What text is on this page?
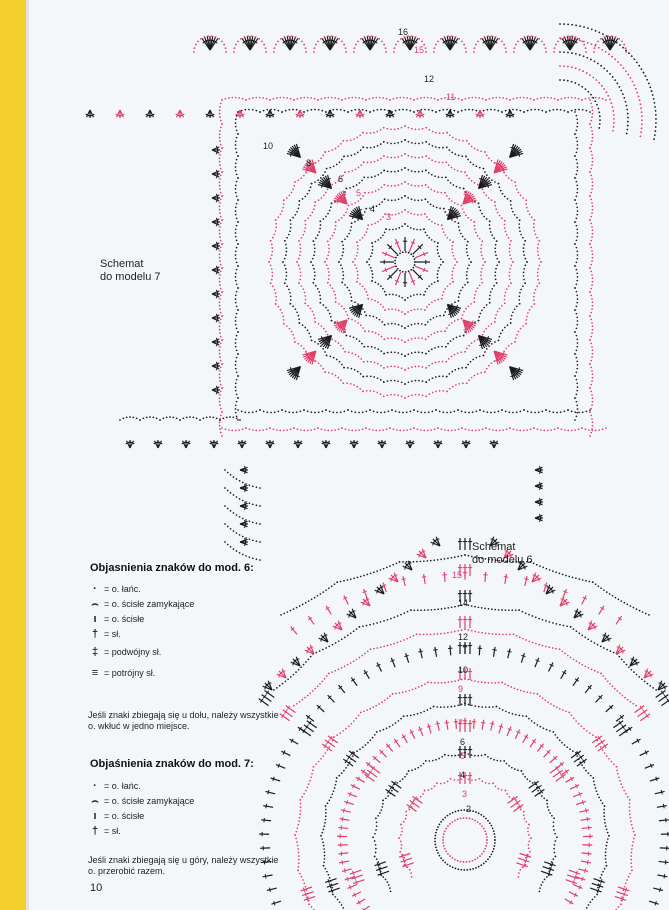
Schemat
do modelu 7
Schemat
do modelu 6
16
15
12
11
10
8
6
5
4
3
15
14
12
10
9
7
6
5
4
3
2
Objasnienia znaków do mod. 6:
· = o. łańc.
⌢ = o. ścisłe zamykające
ı = o. ścisłe
† = sł.
‡ = podwójny sł.
≡ = potrójny sł.
Jeśli znaki zbiegają się u dołu, należy wszystkie o. wkłuć w jedno miejsce.
Objaśnienia znaków do mod. 7:
· = o. łańc.
⌢ = o. ścisłe zamykające
ı = o. ścisłe
† = sł.
Jeśli znaki zbiegają się u góry, należy wszystkie o. przerobić razem.
10
